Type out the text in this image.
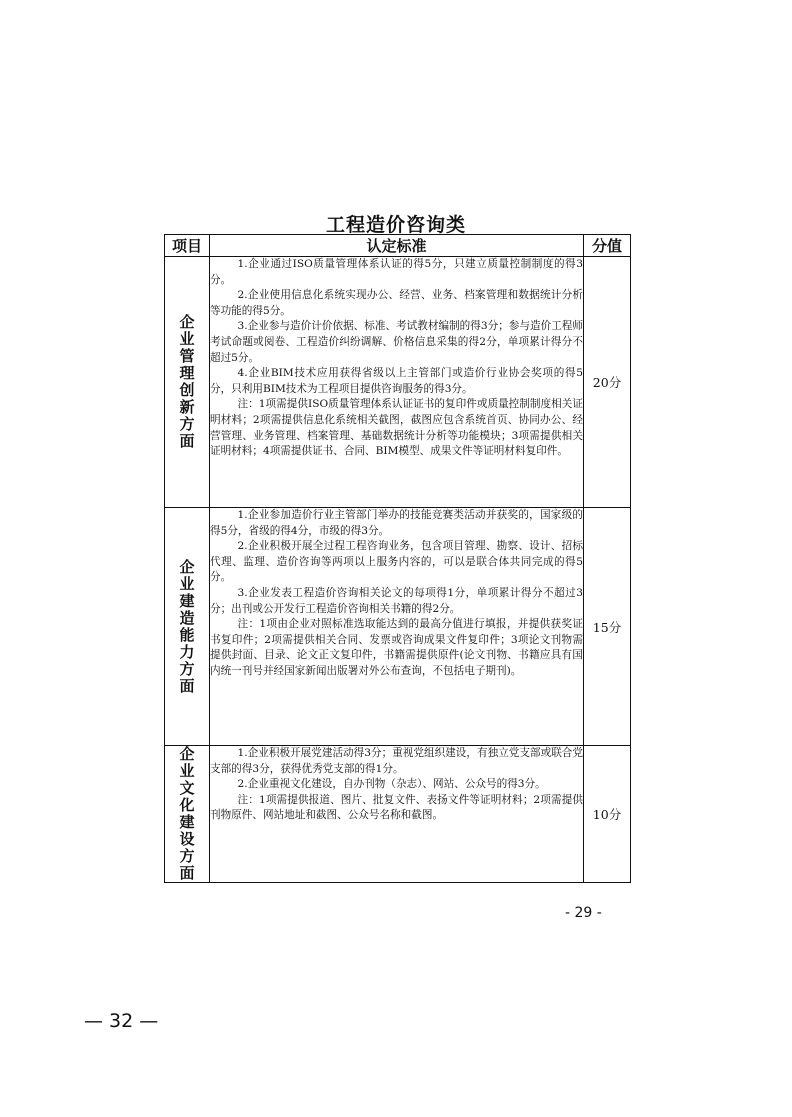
工程造价咨询类
项目	认定标准	分值

企业管理创新方面	1.企业通过ISO质量管理体系认证的得5分，只建立质量控制制度的得3分。

2.企业使用信息化系统实现办公、经营、业务、档案管理和数据统计分析等功能的得5分。

3.企业参与造价计价依据、标准、考试教材编制的得3分；参与造价工程师考试命题或阅卷、工程造价纠纷调解、价格信息采集的得2分，单项累计得分不超过5分。

4.企业BIM技术应用获得省级以上主管部门或造价行业协会奖项的得5分，只利用BIM技术为工程项目提供咨询服务的得3分。

注：1项需提供ISO质量管理体系认证证书的复印件或质量控制制度相关证明材料；2项需提供信息化系统相关截图，截图应包含系统首页、协同办公、经营管理、业务管理、档案管理、基础数据统计分析等功能模块；3项需提供相关证明材料；4项需提供证书、合同、BIM模型、成果文件等证明材料复印件。	20分

企业建造能力方面	1.企业参加造价行业主管部门举办的技能竞赛类活动并获奖的，国家级的得5分，省级的得4分，市级的得3分。

2.企业积极开展全过程工程咨询业务，包含项目管理、勘察、设计、招标代理、监理、造价咨询等两项以上服务内容的，可以是联合体共同完成的得5分。

3.企业发表工程造价咨询相关论文的每项得1分，单项累计得分不超过3分；出刊或公开发行工程造价咨询相关书籍的得2分。

注：1项由企业对照标准选取能达到的最高分值进行填报，并提供获奖证书复印件；2项需提供相关合同、发票或咨询成果文件复印件；3项论文刊物需提供封面、目录、论文正文复印件，书籍需提供原件(论文刊物、书籍应具有国内统一刊号并经国家新闻出版署对外公布查询，不包括电子期刊)。	15分

企业文化建设方面	1.企业积极开展党建活动得3分；重视党组织建设，有独立党支部或联合党支部的得3分，获得优秀党支部的得1分。

2.企业重视文化建设，自办刊物（杂志）、网站、公众号的得3分。

注：1项需提供报道、图片、批复文件、表扬文件等证明材料；2项需提供刊物原件、网站地址和截图、公众号名称和截图。	10分
- 29 -
— 32 —
